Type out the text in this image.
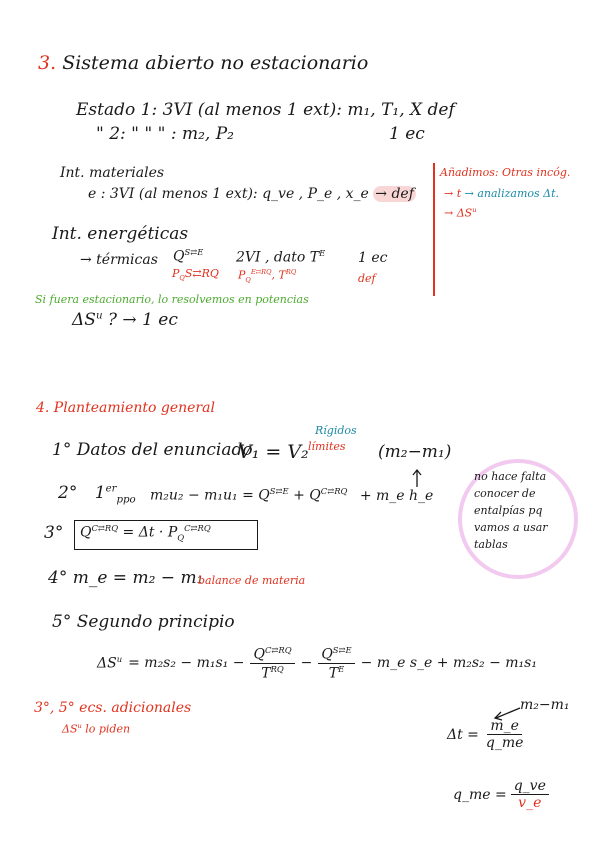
3. Sistema abierto no estacionario
Estado 1: 3VI (al menos 1 ext): m₁, T₁, X def
" 2: " " " : m₂, P₂	1 ec
Int. materiales
e : 3VI (al menos 1 ext): q_ve , P_e , x_e → def
Añadimos: Otras incóg.
→ t → analizamos Δt.
→ $\Delta S^u$
Int. energéticas
→ térmicas $Q^{S⇄E}$ 2VI , dato $T^E$ 1 ec
$P_QS⇄RQ$ $P_Q^{E⇄RQ}$, $T^{RQ}$	def
Si fuera estacionario, lo resolvemos en potencias
$\Delta S^u$ ? → 1 ec
4. Planteamiento general
Rígidos
límites
1° Datos del enunciado
V₁ = V₂	(m₂−m₁)
2° $1er_{ppo}$ $m_2u_2 - m_1u_1 = Q^{S⇄E} + Q^{C⇄RQ}$ + m_e h_e
3° $Q^{C⇄RQ} = \Delta t \cdot P_Q^{C⇄RQ}$
no hace falta
conocer de
entalpías pq
vamos a usar
tablas
4° m_e = m₂ − m₁
balance de materia
5° Segundo principio
$\Delta S^u = m_2s_2 - m_1s_1 - \frac{Q^{C⇄RQ}}{T^{RQ}} - \frac{Q^{S⇄E}}{T^E}$ − m_e s_e + m₂s₂ − m₁s₁
3°, 5° ecs. adicionales
$\Delta S^u$ lo piden
m₂−m₁
$\Delta t = \frac{m\_e}{q\_me}$
q_me = $\frac{q\_ve}{v\_e}$
